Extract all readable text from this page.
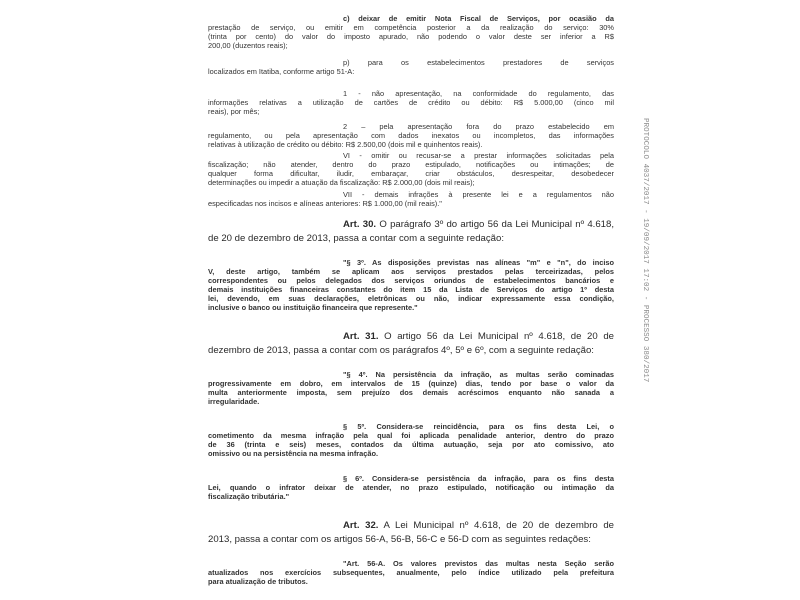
c) deixar de emitir Nota Fiscal de Serviços, por ocasião da

prestação de serviço, ou emitir em competência posterior a da realização do serviço: 30%

(trinta por cento) do valor do imposto apurado, não podendo o valor deste ser inferior a R$

200,00 (duzentos reais);

p) para os estabelecimentos prestadores de serviços

localizados em Itatiba, conforme artigo 51-A:

1 - não apresentação, na conformidade do regulamento, das

informações relativas a utilização de cartões de crédito ou débito: R$ 5.000,00 (cinco mil

reais), por mês;

2 – pela apresentação fora do prazo estabelecido em

regulamento, ou pela apresentação com dados inexatos ou incompletos, das informações

relativas à utilização de crédito ou débito: R$ 2.500,00 (dois mil e quinhentos reais).

VI - omitir ou recusar-se a prestar informações solicitadas pela

fiscalização; não atender, dentro do prazo estipulado, notificações ou intimações; de

qualquer forma dificultar, iludir, embaraçar, criar obstáculos, desrespeitar, desobedecer

determinações ou impedir a atuação da fiscalização: R$ 2.000,00 (dois mil reais);

VII - demais infrações à presente lei e a regulamentos não

especificadas nos incisos e alíneas anteriores: R$ 1.000,00 (mil reais)."

Art. 30. O parágrafo 3º do artigo 56 da Lei Municipal nº 4.618,

de 20 de dezembro de 2013, passa a contar com a seguinte redação:

"§ 3º. As disposições previstas nas alíneas "m" e "n", do inciso

V, deste artigo, também se aplicam aos serviços prestados pelas terceirizadas, pelos

correspondentes ou pelos delegados dos serviços oriundos de estabelecimentos bancários e

demais instituições financeiras constantes do item 15 da Lista de Serviços do artigo 1º desta

lei, devendo, em suas declarações, eletrônicas ou não, indicar expressamente essa condição,

inclusive o banco ou instituição financeira que represente."

Art. 31. O artigo 56 da Lei Municipal nº 4.618, de 20 de

dezembro de 2013, passa a contar com os parágrafos 4º, 5º e 6º, com a seguinte redação:

"§ 4º. Na persistência da infração, as multas serão cominadas

progressivamente em dobro, em intervalos de 15 (quinze) dias, tendo por base o valor da

multa anteriormente imposta, sem prejuízo dos demais acréscimos enquanto não sanada a

irregularidade.

§ 5º. Considera-se reincidência, para os fins desta Lei, o

cometimento da mesma infração pela qual foi aplicada penalidade anterior, dentro do prazo

de 36 (trinta e seis) meses, contados da última autuação, seja por ato comissivo, ato

omissivo ou na persistência na mesma infração.

§ 6º. Considera-se persistência da infração, para os fins desta

Lei, quando o infrator deixar de atender, no prazo estipulado, notificação ou intimação da

fiscalização tributária."

Art. 32. A Lei Municipal nº 4.618, de 20 de dezembro de

2013, passa a contar com os artigos 56-A, 56-B, 56-C e 56-D com as seguintes redações:

"Art. 56-A. Os valores previstos das multas nesta Seção serão

atualizados nos exercícios subsequentes, anualmente, pelo índice utilizado pela prefeitura

para atualização de tributos.

PROTOCOLO 4037/2017 - 19/09/2017 17:02 - PROCESSO 380/2017
